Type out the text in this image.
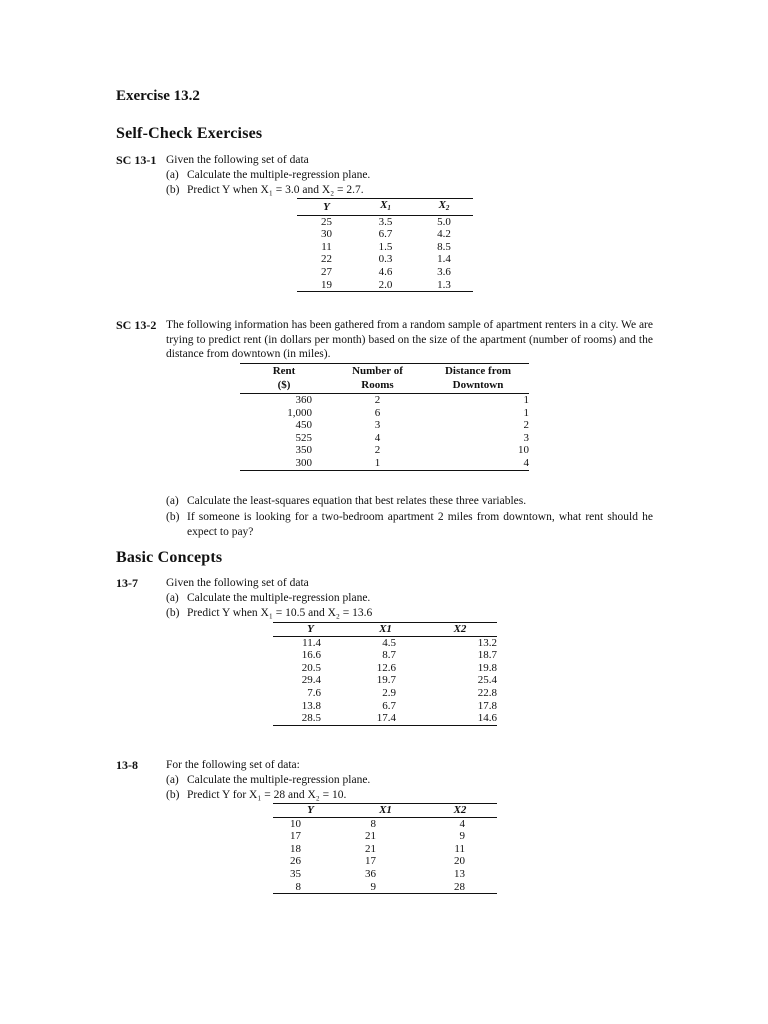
Exercise 13.2
Self-Check Exercises
SC 13-1 Given the following set of data
(a) Calculate the multiple-regression plane.
(b) Predict Y when X₁ = 3.0 and X₂ = 2.7.
Y	$X_1$	$X_2$
25	3.5	5.0
30	6.7	4.2
11	1.5	8.5
22	0.3	1.4
27	4.6	3.6
19	2.0	1.3
SC 13-2 The following information has been gathered from a random sample of apartment renters in a city. We are trying to predict rent (in dollars per month) based on the size of the apartment (number of rooms) and the distance from downtown (in miles).
Rent	Number of	Distance from
($)	Rooms	Downtown
360	2	1
1,000	6	1
450	3	2
525	4	3
350	2	10
300	1	4
(a) Calculate the least-squares equation that best relates these three variables.
(b) If someone is looking for a two-bedroom apartment 2 miles from downtown, what rent should he expect to pay?
Basic Concepts
13-7	Given the following set of data
(a) Calculate the multiple-regression plane.
(b) Predict Y when X₁ = 10.5 and X₂ = 13.6
Y	X1	X2
11.4	4.5	13.2
16.6	8.7	18.7
20.5	12.6	19.8
29.4	19.7	25.4
7.6	2.9	22.8
13.8	6.7	17.8
28.5	17.4	14.6
13-8	For the following set of data:
(a) Calculate the multiple-regression plane.
(b) Predict Y for X₁ = 28 and X₂ = 10.
Y	X1	X2
10	8	4
17	21	9
18	21	11
26	17	20
35	36	13
8	9	28
